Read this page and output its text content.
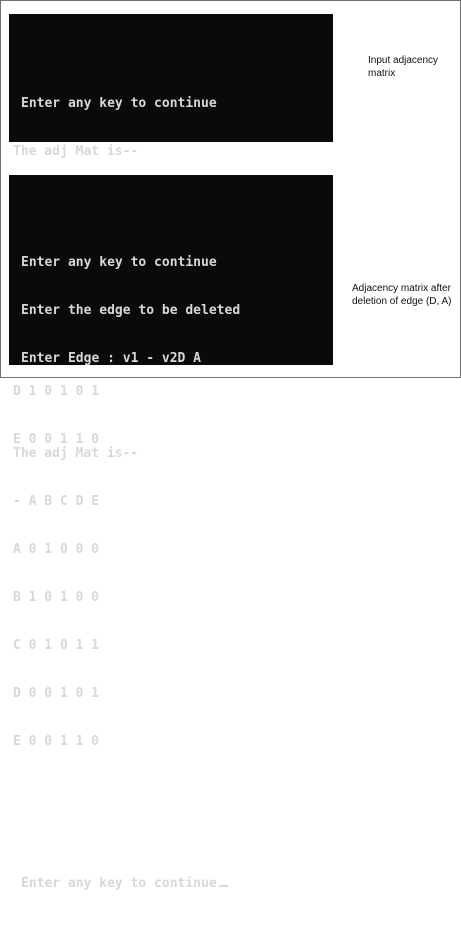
Enter any key to continue

The adj Mat is--

D 1 0 1 0 1

E 0 0 1 1 0

Input adjacency matrix

Enter any key to continue

Enter the edge to be deleted

Enter Edge : v1 - v2D A

The adj Mat is--

- A B C D E

A 0 1 0 0 0

B 1 0 1 0 0

C 0 1 0 1 1

D 0 0 1 0 1

E 0 0 1 1 0

Enter any key to continue

Adjacency matrix after deletion of edge (D, A)
